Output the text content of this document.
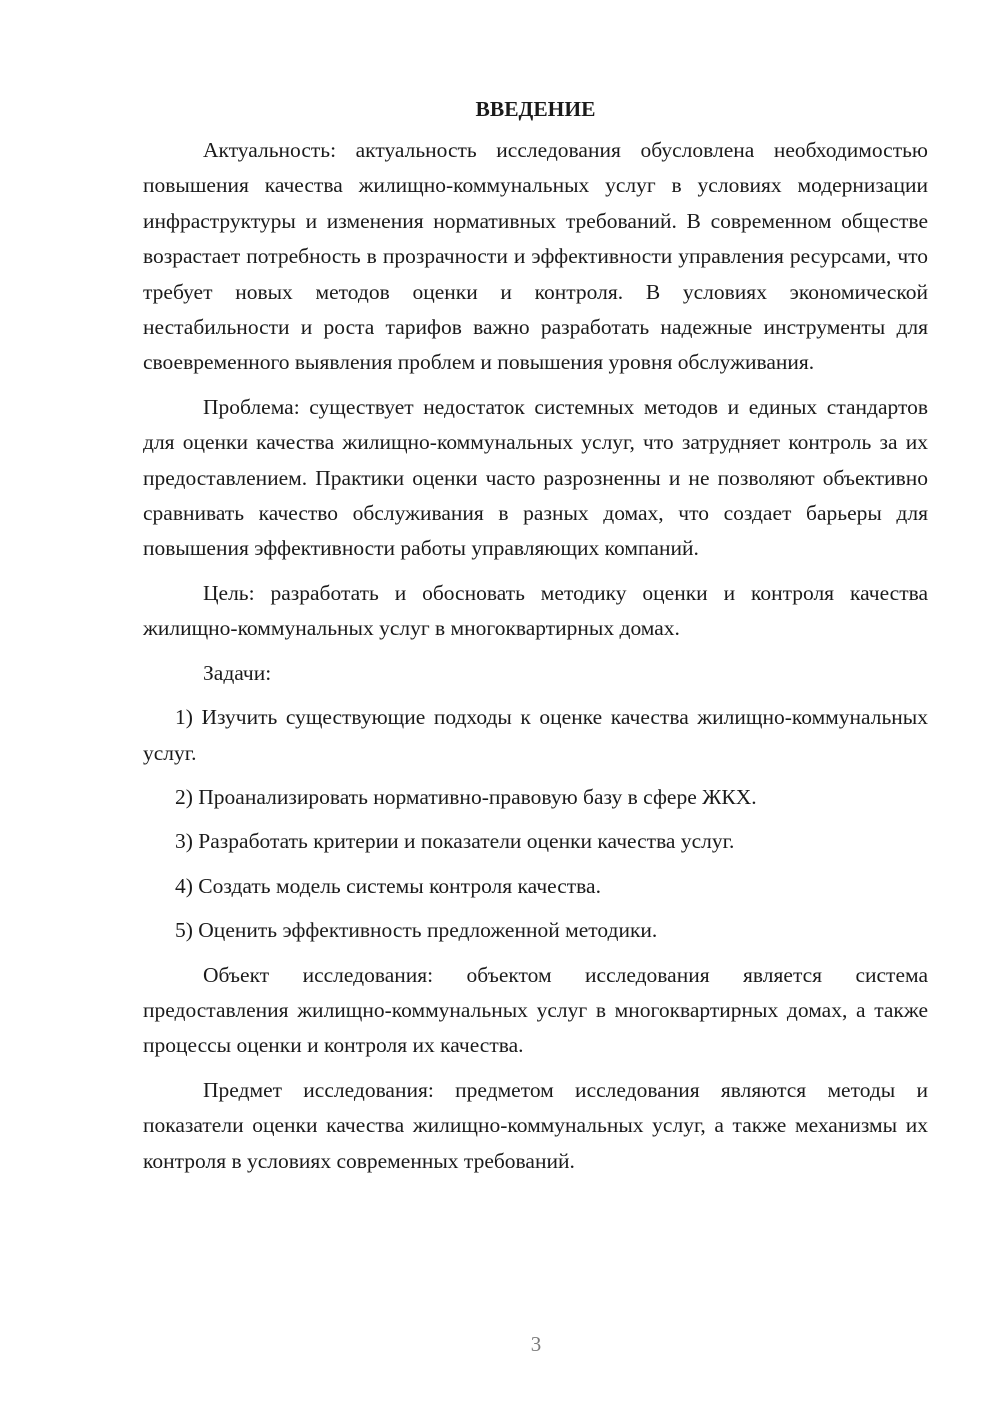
ВВЕДЕНИЕ
Актуальность: актуальность исследования обусловлена необходимостью повышения качества жилищно-коммунальных услуг в условиях модернизации инфраструктуры и изменения нормативных требований. В современном обществе возрастает потребность в прозрачности и эффективности управления ресурсами, что требует новых методов оценки и контроля. В условиях экономической нестабильности и роста тарифов важно разработать надежные инструменты для своевременного выявления проблем и повышения уровня обслуживания.
Проблема: существует недостаток системных методов и единых стандартов для оценки качества жилищно-коммунальных услуг, что затрудняет контроль за их предоставлением. Практики оценки часто разрозненны и не позволяют объективно сравнивать качество обслуживания в разных домах, что создает барьеры для повышения эффективности работы управляющих компаний.
Цель: разработать и обосновать методику оценки и контроля качества жилищно-коммунальных услуг в многоквартирных домах.
Задачи:
1) Изучить существующие подходы к оценке качества жилищно-коммунальных услуг.
2) Проанализировать нормативно-правовую базу в сфере ЖКХ.
3) Разработать критерии и показатели оценки качества услуг.
4) Создать модель системы контроля качества.
5) Оценить эффективность предложенной методики.
Объект исследования: объектом исследования является система предоставления жилищно-коммунальных услуг в многоквартирных домах, а также процессы оценки и контроля их качества.
Предмет исследования: предметом исследования являются методы и показатели оценки качества жилищно-коммунальных услуг, а также механизмы их контроля в условиях современных требований.
3
